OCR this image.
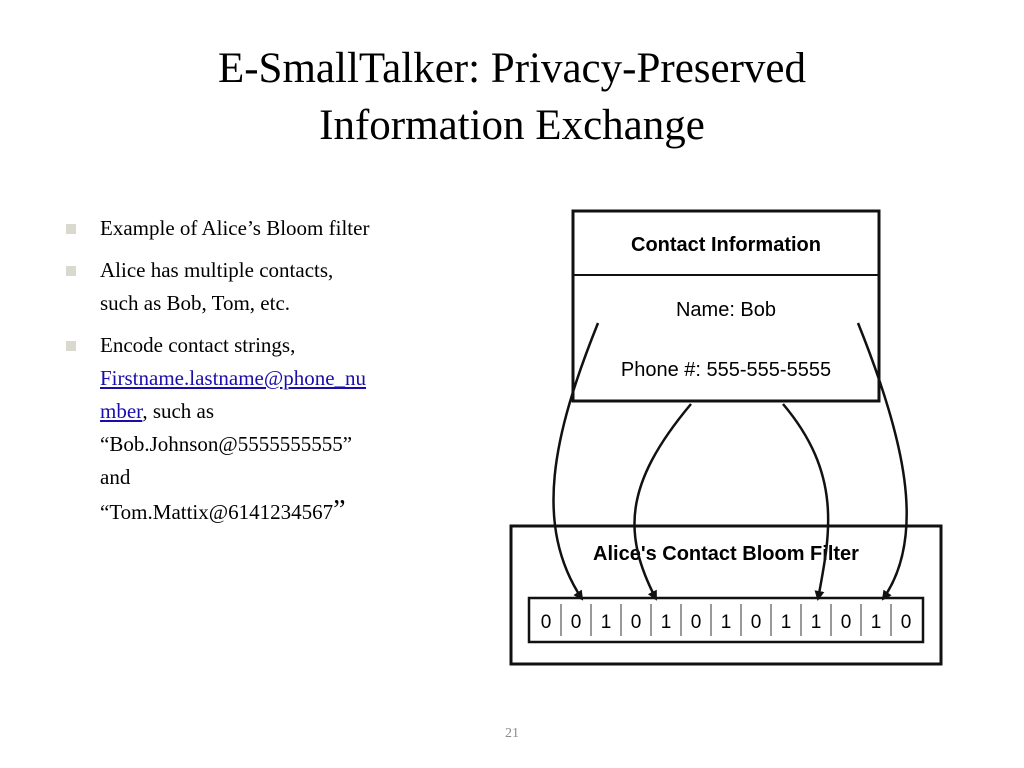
E-SmallTalker: Privacy-Preserved
Information Exchange
Example of Alice’s Bloom filter
Alice has multiple contacts,
such as Bob, Tom, etc.
Encode contact strings,
Firstname.lastname@phone_nu
mber, such as
“Bob.Johnson@5555555555”
and
“Tom.Mattix@6141234567”
Contact Information
Name: Bob
Phone #: 555-555-5555
Alice's Contact Bloom Filter
0 0 1 0 1 0 1 0 1 1 0 1 0
21
